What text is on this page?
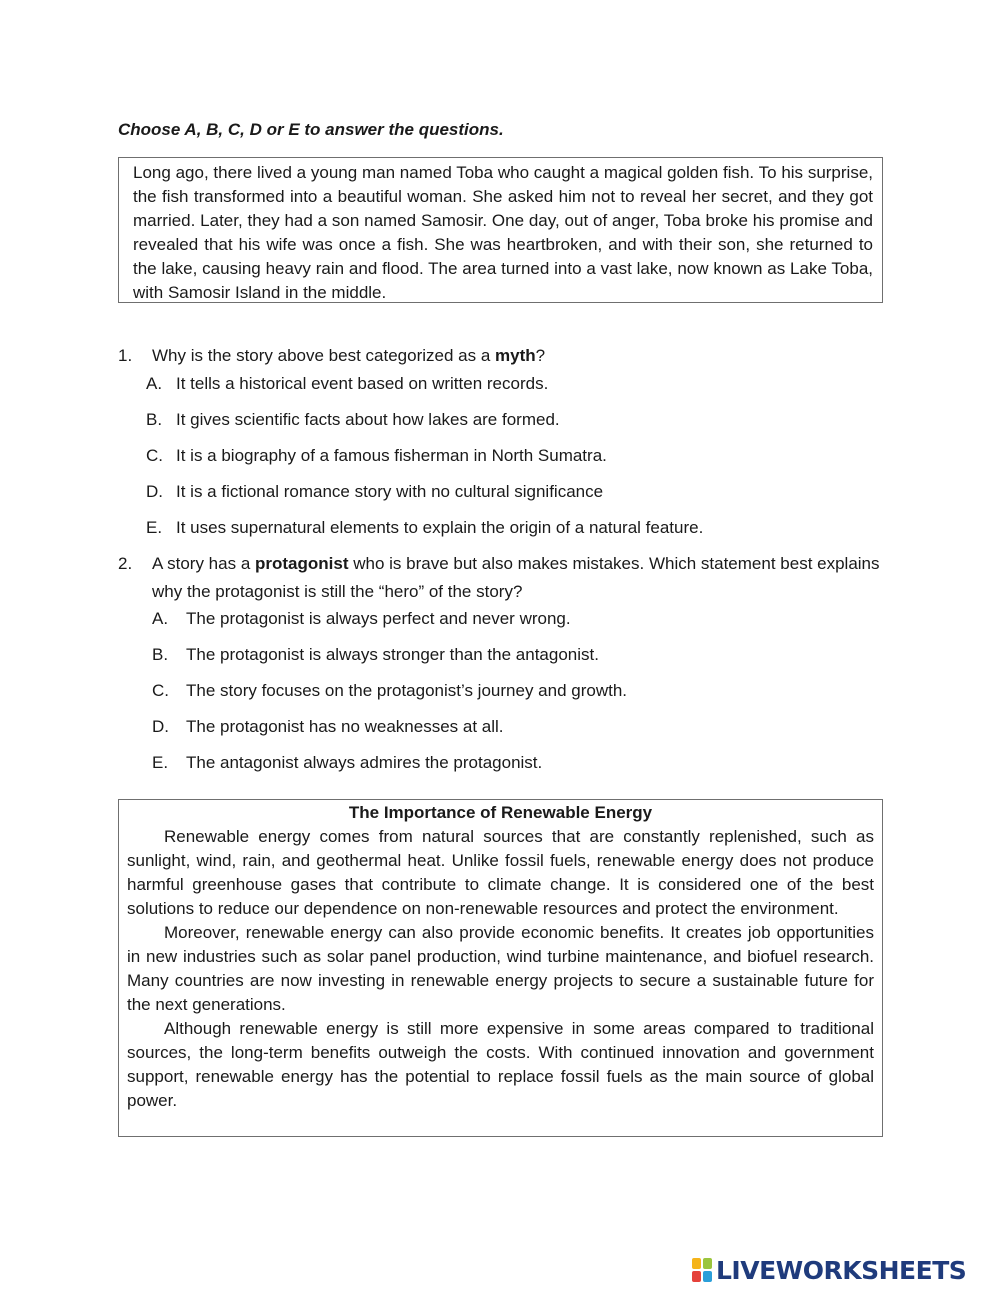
Choose A, B, C, D or E to answer the questions.
Long ago, there lived a young man named Toba who caught a magical golden fish. To his surprise, the fish transformed into a beautiful woman. She asked him not to reveal her secret, and they got married. Later, they had a son named Samosir. One day, out of anger, Toba broke his promise and revealed that his wife was once a fish. She was heartbroken, and with their son, she returned to the lake, causing heavy rain and flood. The area turned into a vast lake, now known as Lake Toba, with Samosir Island in the middle.
1. Why is the story above best categorized as a myth?
A. It tells a historical event based on written records.
B. It gives scientific facts about how lakes are formed.
C. It is a biography of a famous fisherman in North Sumatra.
D. It is a fictional romance story with no cultural significance
E. It uses supernatural elements to explain the origin of a natural feature.
2. A story has a protagonist who is brave but also makes mistakes. Which statement best explains why the protagonist is still the “hero” of the story?
A. The protagonist is always perfect and never wrong.
B. The protagonist is always stronger than the antagonist.
C. The story focuses on the protagonist’s journey and growth.
D. The protagonist has no weaknesses at all.
E. The antagonist always admires the protagonist.
The Importance of Renewable Energy

Renewable energy comes from natural sources that are constantly replenished, such as sunlight, wind, rain, and geothermal heat. Unlike fossil fuels, renewable energy does not produce harmful greenhouse gases that contribute to climate change. It is considered one of the best solutions to reduce our dependence on non-renewable resources and protect the environment.

Moreover, renewable energy can also provide economic benefits. It creates job opportunities in new industries such as solar panel production, wind turbine maintenance, and biofuel research. Many countries are now investing in renewable energy projects to secure a sustainable future for the next generations.

Although renewable energy is still more expensive in some areas compared to traditional sources, the long-term benefits outweigh the costs. With continued innovation and government support, renewable energy has the potential to replace fossil fuels as the main source of global power.

LIVEWORKSHEETS
